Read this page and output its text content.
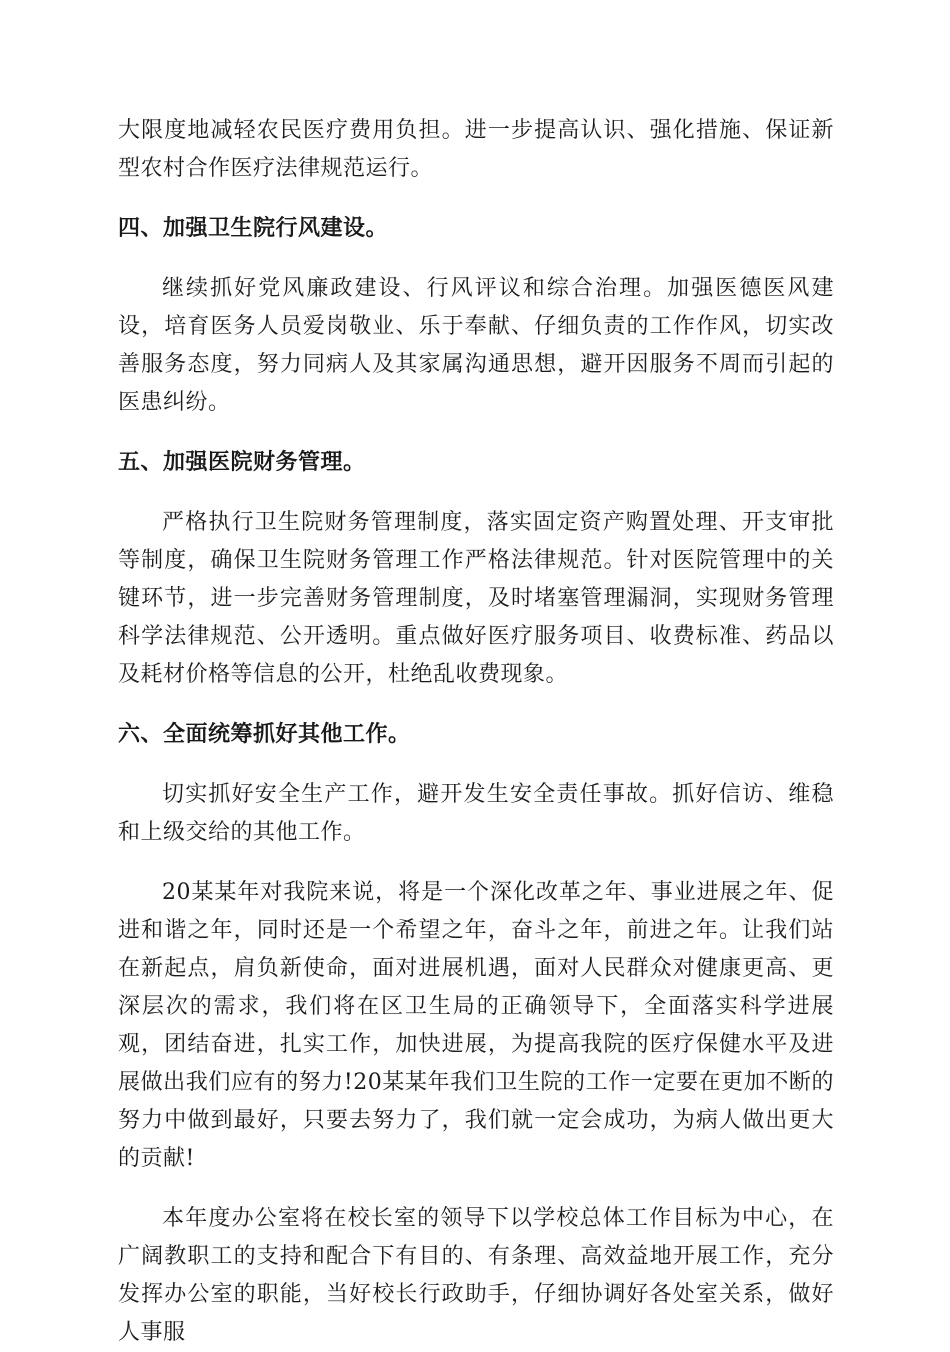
大限度地减轻农民医疗费用负担。进一步提高认识、强化措施、保证新型农村合作医疗法律规范运行。

四、加强卫生院行风建设。

继续抓好党风廉政建设、行风评议和综合治理。加强医德医风建设，培育医务人员爱岗敬业、乐于奉献、仔细负责的工作作风，切实改善服务态度，努力同病人及其家属沟通思想，避开因服务不周而引起的医患纠纷。

五、加强医院财务管理。

严格执行卫生院财务管理制度，落实固定资产购置处理、开支审批等制度，确保卫生院财务管理工作严格法律规范。针对医院管理中的关键环节，进一步完善财务管理制度，及时堵塞管理漏洞，实现财务管理科学法律规范、公开透明。重点做好医疗服务项目、收费标准、药品以及耗材价格等信息的公开，杜绝乱收费现象。

六、全面统筹抓好其他工作。

切实抓好安全生产工作，避开发生安全责任事故。抓好信访、维稳和上级交给的其他工作。

20某某年对我院来说，将是一个深化改革之年、事业进展之年、促进和谐之年，同时还是一个希望之年，奋斗之年，前进之年。让我们站在新起点，肩负新使命，面对进展机遇，面对人民群众对健康更高、更深层次的需求，我们将在区卫生局的正确领导下，全面落实科学进展观，团结奋进，扎实工作，加快进展，为提高我院的医疗保健水平及进展做出我们应有的努力!20某某年我们卫生院的工作一定要在更加不断的努力中做到最好，只要去努力了，我们就一定会成功，为病人做出更大的贡献!

本年度办公室将在校长室的领导下以学校总体工作目标为中心，在广阔教职工的支持和配合下有目的、有条理、高效益地开展工作，充分发挥办公室的职能，当好校长行政助手，仔细协调好各处室关系，做好人事服
